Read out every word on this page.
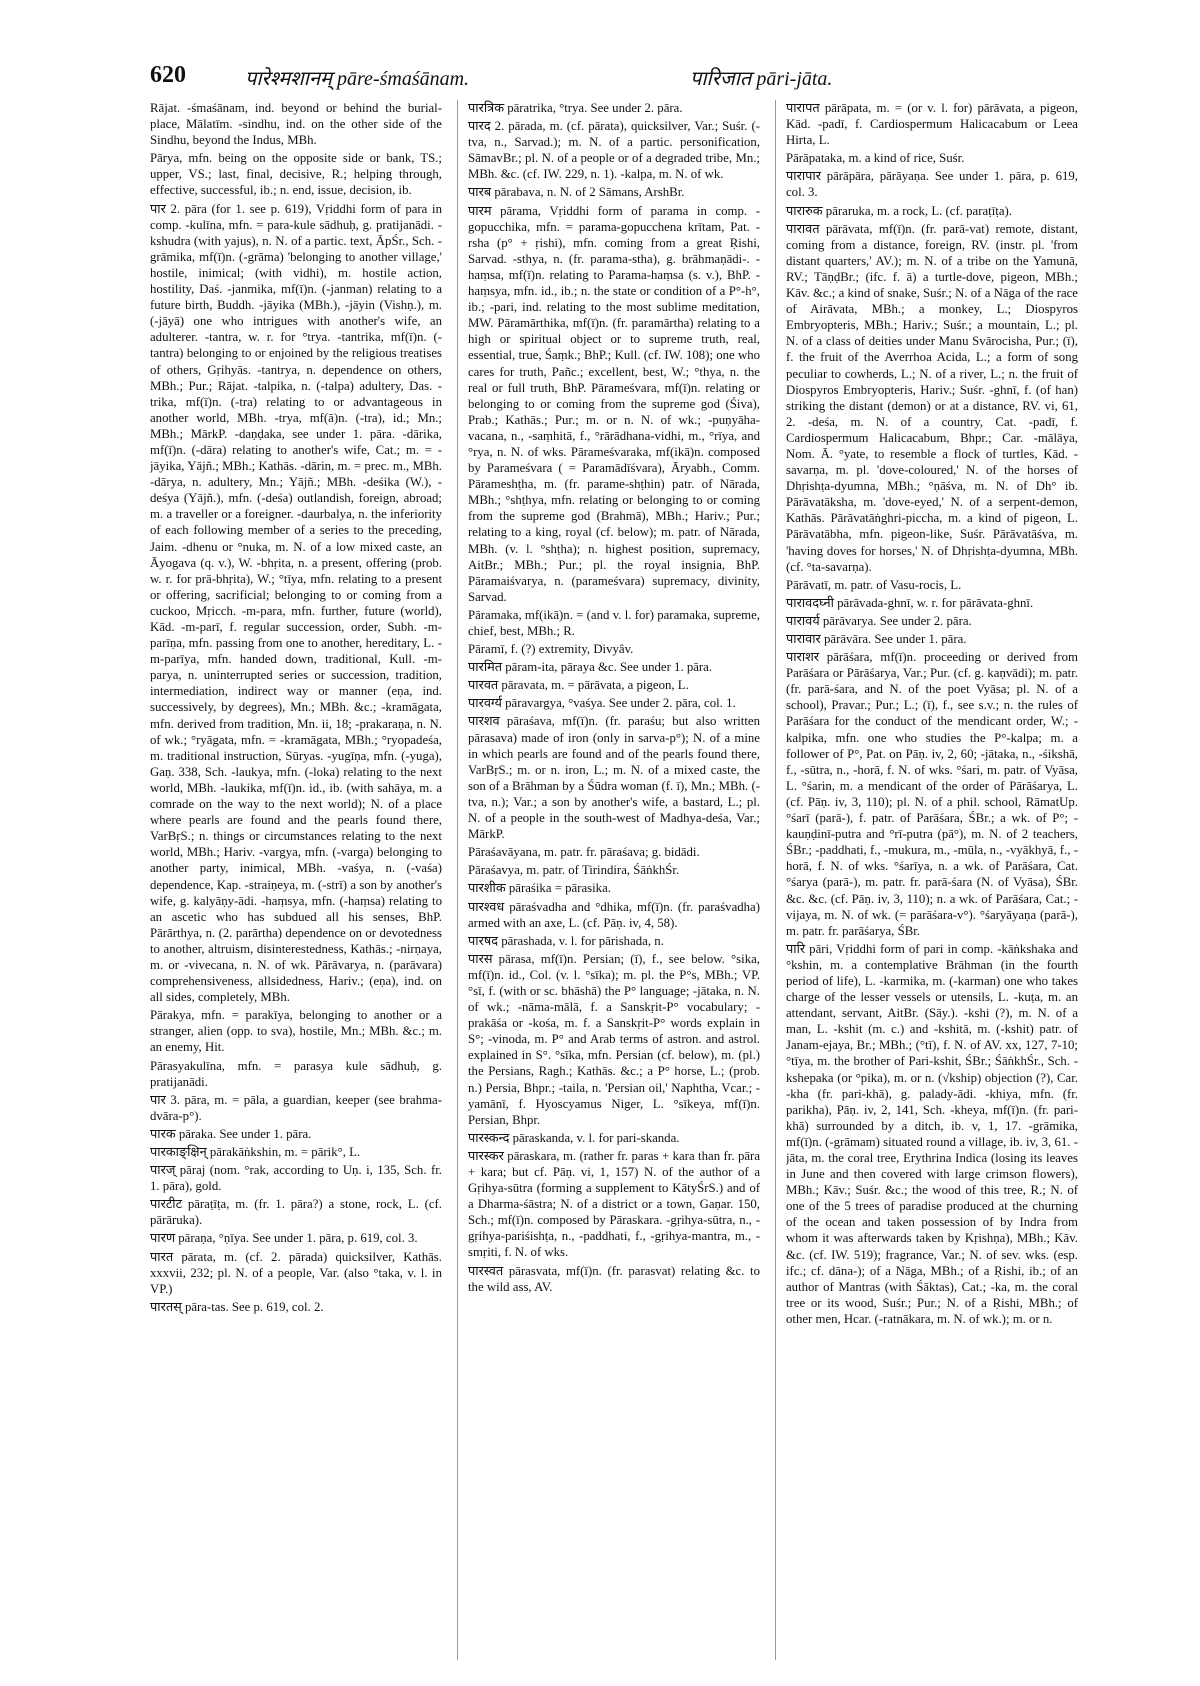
620	पारेश्मशानम् pāre-śmaśānam.	पारिजात pāri-jāta.

Rājat. -śmaśānam, ind. beyond or behind the burial-place, Mālatīm. -sindhu, ind. on the other side of the Sindhu, beyond the Indus, MBh.

Pārya, mfn. being on the opposite side or bank, TS.; upper, VS.; last, final, decisive, R.; helping through, effective, successful, ib.; n. end, issue, decision, ib.

पार 2. pāra (for 1. see p. 619), Vṛiddhi form of para in comp. -kulīna, mfn. = para-kule sādhuḥ, g. pratijanādi. -kshudra (with yajus), n. N. of a partic. text, ĀpŚr., Sch. -grāmika, mf(ī)n. (-grāma) 'belonging to another village,' hostile, inimical; (with vidhi), m. hostile action, hostility, Daś. -janmika, mf(ī)n. (-janman) relating to a future birth, Buddh. -jāyika (MBh.), -jāyin (Vishṇ.), m. (-jāyā) one who intrigues with another's wife, an adulterer. -tantra, w. r. for °trya. -tantrika, mf(ī)n. (-tantra) belonging to or enjoined by the religious treatises of others, Gṛihyās. -tantrya, n. dependence on others, MBh.; Pur.; Rājat. -talpika, n. (-talpa) adultery, Das. -trika, mf(ī)n. (-tra) relating to or advantageous in another world, MBh. -trya, mf(ā)n. (-tra), id.; Mn.; MBh.; MārkP. -daṇḍaka, see under 1. pāra. -dārika, mf(ī)n. (-dāra) relating to another's wife, Cat.; m. = -jāyika, Yājñ.; MBh.; Kathās. -dārin, m. = prec. m., MBh. -dārya, n. adultery, Mn.; Yājñ.; MBh. -deśika (W.), -deśya (Yājñ.), mfn. (-deśa) outlandish, foreign, abroad; m. a traveller or a foreigner. -daurbalya, n. the inferiority of each following member of a series to the preceding, Jaim. -dhenu or °nuka, m. N. of a low mixed caste, an Āyogava (q. v.), W. -bhṛita, n. a present, offering (prob. w. r. for prā-bhṛita), W.; °tīya, mfn. relating to a present or offering, sacrificial; belonging to or coming from a cuckoo, Mṛicch. -m-para, mfn. further, future (world), Kād. -m-parī, f. regular succession, order, Subh. -m-parīṇa, mfn. passing from one to another, hereditary, L. -m-parīya, mfn. handed down, traditional, Kull. -m-parya, n. uninterrupted series or succession, tradition, intermediation, indirect way or manner (eṇa, ind. successively, by degrees), Mn.; MBh. &c.; -kramāgata, mfn. derived from tradition, Mn. ii, 18; -prakaraṇa, n. N. of wk.; °ryāgata, mfn. = -kramāgata, MBh.; °ryopadeśa, m. traditional instruction, Sūryas. -yugīṇa, mfn. (-yuga), Gaṇ. 338, Sch. -laukya, mfn. (-loka) relating to the next world, MBh. -laukika, mf(ī)n. id., ib. (with sahāya, m. a comrade on the way to the next world); N. of a place where pearls are found and the pearls found there, VarBṛS.; n. things or circumstances relating to the next world, MBh.; Hariv. -vargya, mfn. (-varga) belonging to another party, inimical, MBh. -vaśya, n. (-vaśa) dependence, Kap. -straiṇeya, m. (-strī) a son by another's wife, g. kalyāṇy-ādi. -haṃsya, mfn. (-haṃsa) relating to an ascetic who has subdued all his senses, BhP. Pārārthya, n. (2. parārtha) dependence on or devotedness to another, altruism, disinterestedness, Kathās.; -nirṇaya, m. or -vivecana, n. N. of wk. Pārāvarya, n. (parāvara) comprehensiveness, allsidedness, Hariv.; (eṇa), ind. on all sides, completely, MBh.

Pārakya, mfn. = parakīya, belonging to another or a stranger, alien (opp. to sva), hostile, Mn.; MBh. &c.; m. an enemy, Hit.

Pārasyakulīna, mfn. = parasya kule sādhuḥ, g. pratijanādi.

पार 3. pāra, m. = pāla, a guardian, keeper (see brahma-dvāra-p°).

पारक pāraka. See under 1. pāra.

पारकाङ्क्षिन् pārakāṅkshin, m. = pārik°, L.

पारज् pāraj (nom. °rak, according to Uṇ. i, 135, Sch. fr. 1. pāra), gold.

पारटीट pāraṭīṭa, m. (fr. 1. pāra?) a stone, rock, L. (cf. pārāruka).

पारण pāraṇa, °ṇīya. See under 1. pāra, p. 619, col. 3.

पारत pārata, m. (cf. 2. pārada) quicksilver, Kathās. xxxvii, 232; pl. N. of a people, Var. (also °taka, v. l. in VP.)

पारतस् pāra-tas. See p. 619, col. 2.

पारत्रिक pāratrika, °trya. See under 2. pāra.

पारद 2. pārada, m. (cf. pārata), quicksilver, Var.; Suśr. (-tva, n., Sarvad.); m. N. of a partic. personification, SāmavBr.; pl. N. of a people or of a degraded tribe, Mn.; MBh. &c. (cf. IW. 229, n. 1). -kalpa, m. N. of wk.

पारब pārabava, n. N. of 2 Sāmans, ArshBr.

पारम pārama, Vṛiddhi form of parama in comp. -gopucchika, mfn. = parama-gopucchena krītam, Pat. -rsha (p° + ṛishi), mfn. coming from a great Ṛishi, Sarvad. -sthya, n. (fr. parama-stha), g. brāhmaṇādi-. -haṃsa, mf(ī)n. relating to Parama-haṃsa (s. v.), BhP. -haṃsya, mfn. id., ib.; n. the state or condition of a P°-h°, ib.; -pari, ind. relating to the most sublime meditation, MW. Pāramārthika, mf(ī)n. (fr. paramārtha) relating to a high or spiritual object or to supreme truth, real, essential, true, Śaṃk.; BhP.; Kull. (cf. IW. 108); one who cares for truth, Pañc.; excellent, best, W.; °thya, n. the real or full truth, BhP. Pārameśvara, mf(ī)n. relating or belonging to or coming from the supreme god (Śiva), Prab.; Kathās.; Pur.; m. or n. N. of wk.; -puṇyāha-vacana, n., -saṃhitā, f., °rārādhana-vidhi, m., °rīya, and °rya, n. N. of wks. Pārameśvaraka, mf(ikā)n. composed by Parameśvara ( = Paramādīśvara), Āryabh., Comm. Pārameshṭha, m. (fr. parame-shṭhin) patr. of Nārada, MBh.; °shṭhya, mfn. relating or belonging to or coming from the supreme god (Brahmā), MBh.; Hariv.; Pur.; relating to a king, royal (cf. below); m. patr. of Nārada, MBh. (v. l. °shṭha); n. highest position, supremacy, AitBr.; MBh.; Pur.; pl. the royal insignia, BhP. Pāramaiśvarya, n. (parameśvara) supremacy, divinity, Sarvad.

Pāramaka, mf(ikā)n. = (and v. l. for) paramaka, supreme, chief, best, MBh.; R.

Pāramī, f. (?) extremity, Divyâv.

पारमित pāram-ita, pāraya &c. See under 1. pāra.

पारवत pāravata, m. = pārāvata, a pigeon, L.

पारवर्ग्य pāravargya, °vaśya. See under 2. pāra, col. 1.

पारशव pāraśava, mf(ī)n. (fr. paraśu; but also written pārasava) made of iron (only in sarva-p°); N. of a mine in which pearls are found and of the pearls found there, VarBṛS.; m. or n. iron, L.; m. N. of a mixed caste, the son of a Brāhman by a Śūdra woman (f. ī), Mn.; MBh. (-tva, n.); Var.; a son by another's wife, a bastard, L.; pl. N. of a people in the south-west of Madhya-deśa, Var.; MārkP.

Pāraśavāyana, m. patr. fr. pāraśava; g. bidādi.

Pāraśavya, m. patr. of Tirindira, ŚāṅkhŚr.

पारशीक pāraśika = pārasika.

पारश्वध pāraśvadha and °dhika, mf(ī)n. (fr. paraśvadha) armed with an axe, L. (cf. Pāṇ. iv, 4, 58).

पारषद pārashada, v. l. for pārishada, n.

पारस pārasa, mf(ī)n. Persian; (ī), f., see below. °sika, mf(ī)n. id., Col. (v. l. °sīka); m. pl. the P°s, MBh.; VP. °sī, f. (with or sc. bhāshā) the P° language; -jātaka, n. N. of wk.; -nāma-mālā, f. a Sanskṛit-P° vocabulary; -prakāśa or -kośa, m. f. a Sanskṛit-P° words explain in S°; -vinoda, m. P° and Arab terms of astron. and astrol. explained in S°. °sīka, mfn. Persian (cf. below), m. (pl.) the Persians, Ragh.; Kathās. &c.; a P° horse, L.; (prob. n.) Persia, Bhpr.; -taila, n. 'Persian oil,' Naphtha, Vcar.; -yamānī, f. Hyoscyamus Niger, L. °sīkeya, mf(ī)n. Persian, Bhpr.

पारस्कन्द pāraskanda, v. l. for pari-skanda.

पारस्कर pāraskara, m. (rather fr. paras + kara than fr. pāra + kara; but cf. Pāṇ. vi, 1, 157) N. of the author of a Gṛihya-sūtra (forming a supplement to KātyŚrS.) and of a Dharma-śāstra; N. of a district or a town, Gaṇar. 150, Sch.; mf(ī)n. composed by Pāraskara. -gṛihya-sūtra, n., -gṛihya-pariśishṭa, n., -paddhati, f., -gṛihya-mantra, m., -smṛiti, f. N. of wks.

पारस्वत pārasvata, mf(ī)n. (fr. parasvat) relating &c. to the wild ass, AV.

पारापत pārāpata, m. = (or v. l. for) pārāvata, a pigeon, Kād. -padī, f. Cardiospermum Halicacabum or Leea Hirta, L.

Pārāpataka, m. a kind of rice, Suśr.

पारापार pārāpāra, pārāyaṇa. See under 1. pāra, p. 619, col. 3.

पारारुक pāraruka, m. a rock, L. (cf. paraṭīṭa).

पारावत pārāvata, mf(ī)n. (fr. parā-vat) remote, distant, coming from a distance, foreign, RV. (instr. pl. 'from distant quarters,' AV.); m. N. of a tribe on the Yamunā, RV.; TāṇḍBr.; (ifc. f. ā) a turtle-dove, pigeon, MBh.; Kāv. &c.; a kind of snake, Suśr.; N. of a Nāga of the race of Airāvata, MBh.; a monkey, L.; Diospyros Embryopteris, MBh.; Hariv.; Suśr.; a mountain, L.; pl. N. of a class of deities under Manu Svārocisha, Pur.; (ī), f. the fruit of the Averrhoa Acida, L.; a form of song peculiar to cowherds, L.; N. of a river, L.; n. the fruit of Diospyros Embryopteris, Hariv.; Suśr. -ghnī, f. (of han) striking the distant (demon) or at a distance, RV. vi, 61, 2. -deśa, m. N. of a country, Cat. -padī, f. Cardiospermum Halicacabum, Bhpr.; Car. -mālāya, Nom. Ā. °yate, to resemble a flock of turtles, Kād. -savarṇa, m. pl. 'dove-coloured,' N. of the horses of Dhṛishṭa-dyumna, MBh.; °ṇāśva, m. N. of Dh° ib. Pārāvatāksha, m. 'dove-eyed,' N. of a serpent-demon, Kathās. Pārāvatāṅghri-piccha, m. a kind of pigeon, L. Pārāvatābha, mfn. pigeon-like, Suśr. Pārāvatāśva, m. 'having doves for horses,' N. of Dhṛishṭa-dyumna, MBh. (cf. °ta-savarṇa).

Pārāvatī, m. patr. of Vasu-rocis, L.

पारावदघ्नी pārāvada-ghnī, w. r. for pārāvata-ghnī.

पारावर्य pārāvarya. See under 2. pāra.

पारावार pārāvāra. See under 1. pāra.

पाराशर pārāśara, mf(ī)n. proceeding or derived from Parāśara or Pārāśarya, Var.; Pur. (cf. g. kaṇvādi); m. patr. (fr. parā-śara, and N. of the poet Vyāsa; pl. N. of a school), Pravar.; Pur.; L.; (ī), f., see s.v.; n. the rules of Parāśara for the conduct of the mendicant order, W.; -kalpika, mfn. one who studies the P°-kalpa; m. a follower of P°, Pat. on Pāṇ. iv, 2, 60; -jātaka, n., -śikshā, f., -sūtra, n., -horā, f. N. of wks. °śari, m. patr. of Vyāsa, L. °śarin, m. a mendicant of the order of Pārāśarya, L. (cf. Pāṇ. iv, 3, 110); pl. N. of a phil. school, RāmatUp. °śarī (parā-), f. patr. of Parāśara, ŚBr.; a wk. of P°; -kauṇḍinī-putra and °rī-putra (pā°), m. N. of 2 teachers, ŚBr.; -paddhati, f., -mukura, m., -mūla, n., -vyākhyā, f., -horā, f. N. of wks. °śarīya, n. a wk. of Parāśara, Cat. °śarya (parā-), m. patr. fr. parā-śara (N. of Vyāsa), ŚBr. &c. &c. (cf. Pāṇ. iv, 3, 110); n. a wk. of Parāśara, Cat.; -vijaya, m. N. of wk. (= parāśara-v°). °śaryāyaṇa (parā-), m. patr. fr. parāśarya, ŚBr.

पारि pāri, Vṛiddhi form of pari in comp. -kāṅkshaka and °kshin, m. a contemplative Brāhman (in the fourth period of life), L. -karmika, m. (-karman) one who takes charge of the lesser vessels or utensils, L. -kuṭa, m. an attendant, servant, AitBr. (Sāy.). -kshi (?), m. N. of a man, L. -kshit (m. c.) and -kshitā, m. (-kshit) patr. of Janam-ejaya, Br.; MBh.; (°tī), f. N. of AV. xx, 127, 7-10; °tīya, m. the brother of Pari-kshit, ŚBr.; ŚāṅkhŚr., Sch. -kshepaka (or °pika), m. or n. (√kship) objection (?), Car. -kha (fr. pari-khā), g. palady-ādi. -khiya, mfn. (fr. parikha), Pāṇ. iv, 2, 141, Sch. -kheya, mf(ī)n. (fr. pari-khā) surrounded by a ditch, ib. v, 1, 17. -grāmika, mf(ī)n. (-grāmam) situated round a village, ib. iv, 3, 61. -jāta, m. the coral tree, Erythrina Indica (losing its leaves in June and then covered with large crimson flowers), MBh.; Kāv.; Suśr. &c.; the wood of this tree, R.; N. of one of the 5 trees of paradise produced at the churning of the ocean and taken possession of by Indra from whom it was afterwards taken by Kṛishṇa), MBh.; Kāv. &c. (cf. IW. 519); fragrance, Var.; N. of sev. wks. (esp. ifc.; cf. dāna-); of a Nāga, MBh.; of a Ṛishi, ib.; of an author of Mantras (with Śāktas), Cat.; -ka, m. the coral tree or its wood, Suśr.; Pur.; N. of a Ṛishi, MBh.; of other men, Hcar. (-ratnākara, m. N. of wk.); m. or n.
